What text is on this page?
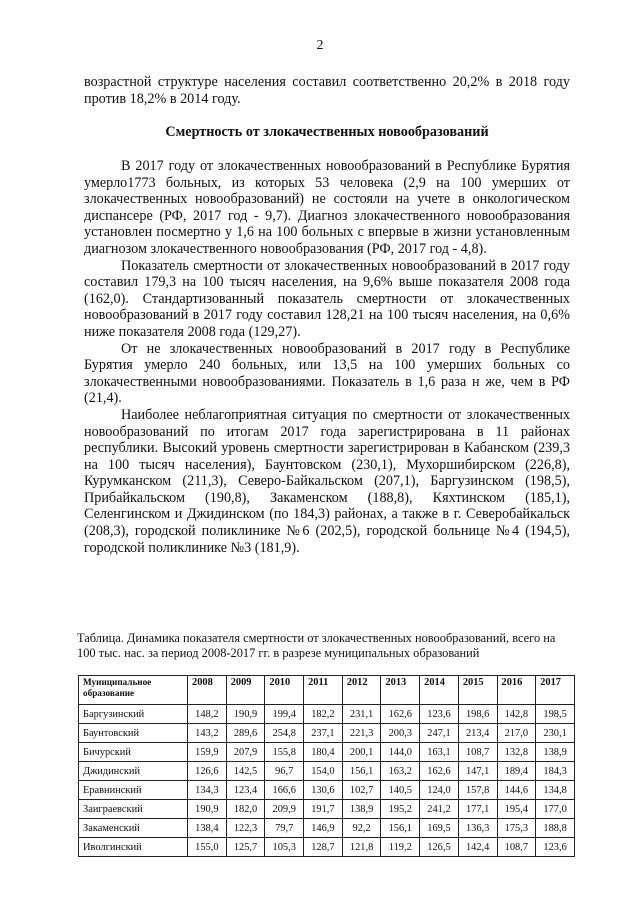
2
возрастной структуре населения составил соответственно 20,2% в 2018 году против 18,2% в 2014 году.
Смертность от злокачественных новообразований

В 2017 году от злокачественных новообразований в Республике Бурятия умерло1773 больных, из которых 53 человека (2,9 на 100 умерших от злокачественных новообразований) не состояли на учете в онкологическом диспансере (РФ, 2017 год - 9,7). Диагноз злокачественного новообразования установлен посмертно у 1,6 на 100 больных с впервые в жизни установленным диагнозом злокачественного новообразования (РФ, 2017 год - 4,8).

Показатель смертности от злокачественных новообразований в 2017 году составил 179,3 на 100 тысяч населения, на 9,6% выше показателя 2008 года (162,0). Стандартизованный показатель смертности от злокачественных новообразований в 2017 году составил 128,21 на 100 тысяч населения, на 0,6% ниже показателя 2008 года (129,27).

От не злокачественных новообразований в 2017 году в Республике Бурятия умерло 240 больных, или 13,5 на 100 умерших больных со злокачественными новообразованиями. Показатель в 1,6 раза н же, чем в РФ (21,4).

Наиболее неблагоприятная ситуация по смертности от злокачественных новообразований по итогам 2017 года зарегистрирована в 11 районах республики. Высокий уровень смертности зарегистрирован в Кабанском (239,3 на 100 тысяч населения), Баунтовском (230,1), Мухоршибирском (226,8), Курумканском (211,3), Северо-Байкальском (207,1), Баргузинском (198,5), Прибайкальском (190,8), Закаменском (188,8), Кяхтинском (185,1), Селенгинском и Джидинском (по 184,3) районах, а также в г. Северобайкальск (208,3), городской поликлинике №6 (202,5), городской больнице №4 (194,5), городской поликлинике №3 (181,9).

Таблица. Динамика показателя смертности от злокачественных новообразований, всего на 100 тыс. нас. за период 2008-2017 гг. в разрезе муниципальных образований
Муниципальное образование	2008	2009	2010	2011	2012	2013	2014	2015	2016	2017
Баргузинский	148,2	190,9	199,4	182,2	231,1	162,6	123,6	198,6	142,8	198,5
Баунтовский	143,2	289,6	254,8	237,1	221,3	200,3	247,1	213,4	217,0	230,1
Бичурский	159,9	207,9	155,8	180,4	200,1	144,0	163,1	108,7	132,8	138,9
Джидинский	126,6	142,5	96,7	154,0	156,1	163,2	162,6	147,1	189,4	184,3
Еравнинский	134,3	123,4	166,6	130,6	102,7	140,5	124,0	157,8	144,6	134,8
Заиграевский	190,9	182,0	209,9	191,7	138,9	195,2	241,2	177,1	195,4	177,0
Закаменский	138,4	122,3	79,7	146,9	92,2	156,1	169,5	136,3	175,3	188,8
Иволгинский	155,0	125,7	105,3	128,7	121,8	119,2	126,5	142,4	108,7	123,6
